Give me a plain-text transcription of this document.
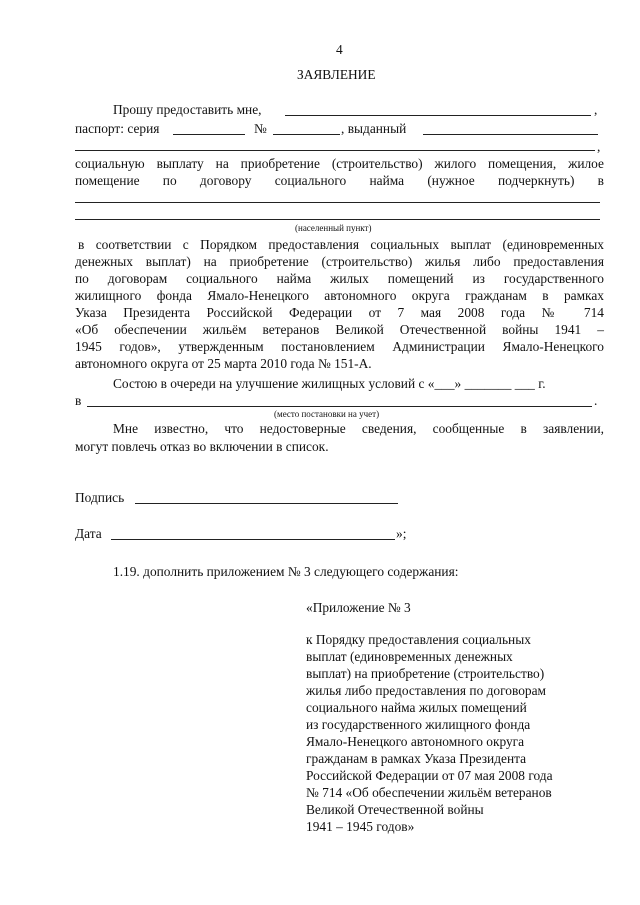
4
ЗАЯВЛЕНИЕ
Прошу предоставить мне,	,
паспорт: серия	№	, выданный
,
социальную выплату на приобретение (строительство) жилого помещения, жилое
помещение по договору социального найма (нужное подчеркнуть) в
(населенный пункт)
в соответствии с Порядком предоставления социальных выплат (единовременных
денежных выплат) на приобретение (строительство) жилья либо предоставления
по договорам социального найма жилых помещений из государственного
жилищного фонда Ямало-Ненецкого автономного округа гражданам в рамках
Указа Президента Российской Федерации от 7 мая 2008 года № 714
«Об обеспечении жильём ветеранов Великой Отечественной войны 1941 –
1945 годов», утвержденным постановлением Администрации Ямало-Ненецкого
автономного округа от 25 марта 2010 года № 151-А.
Состою в очереди на улучшение жилищных условий с «___» _______ ___ г.
в	.
(место постановки на учет)
Мне известно, что недостоверные сведения, сообщенные в заявлении,
могут повлечь отказ во включении в список.
Подпись
Дата	»;
1.19. дополнить приложением № 3 следующего содержания:
«Приложение № 3
к Порядку предоставления социальных
выплат (единовременных денежных
выплат) на приобретение (строительство)
жилья либо предоставления по договорам
социального найма жилых помещений
из государственного жилищного фонда
Ямало-Ненецкого автономного округа
гражданам в рамках Указа Президента
Российской Федерации от 07 мая 2008 года
№ 714 «Об обеспечении жильём ветеранов
Великой Отечественной войны
1941 – 1945 годов»
